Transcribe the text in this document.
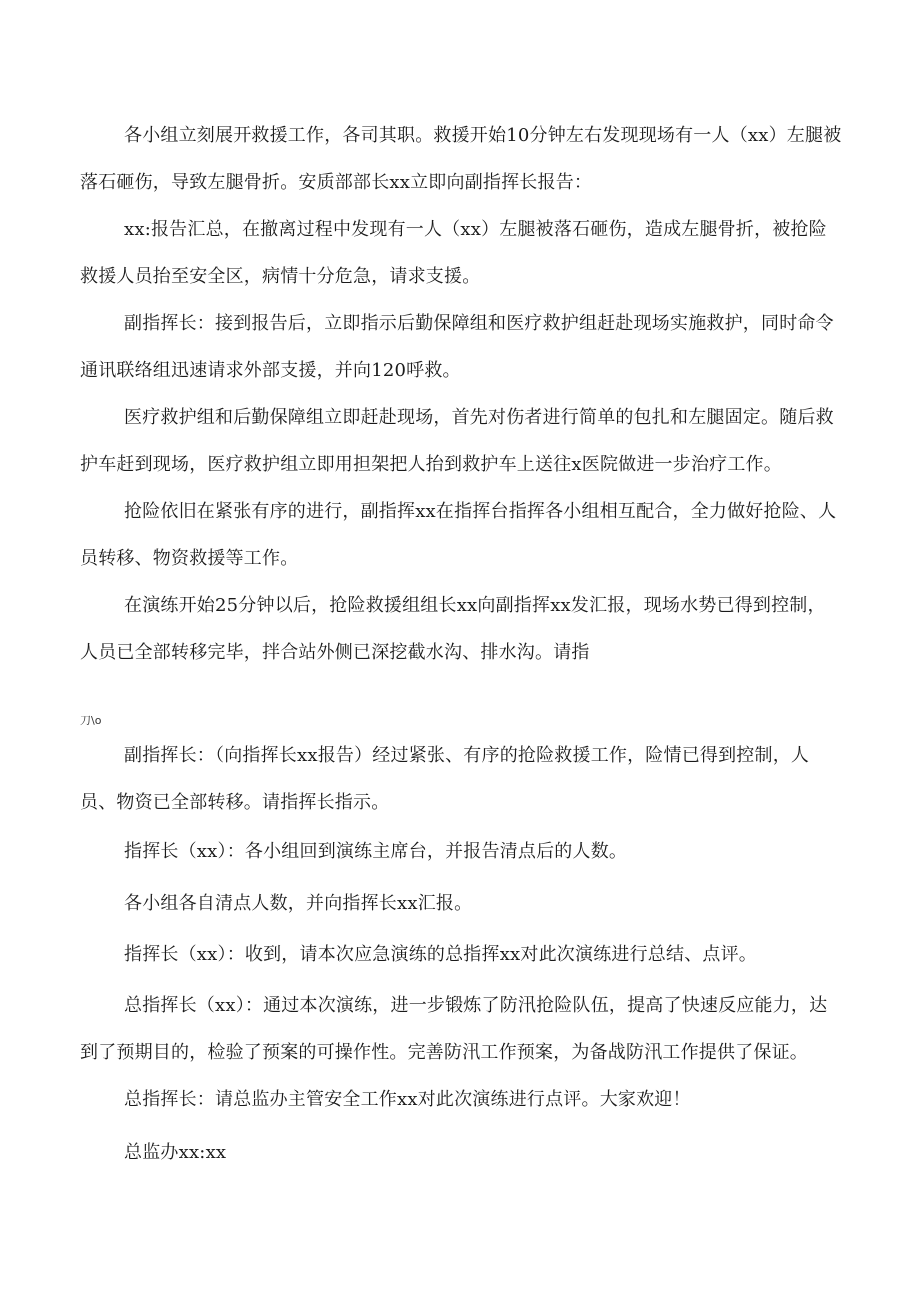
各小组立刻展开救援工作，各司其职。救援开始10分钟左右发现现场有一人（xx）左腿被落石砸伤，导致左腿骨折。安质部部长xx立即向副指挥长报告：

xx:报告汇总，在撤离过程中发现有一人（xx）左腿被落石砸伤，造成左腿骨折，被抢险救援人员抬至安全区，病情十分危急，请求支援。

副指挥长：接到报告后，立即指示后勤保障组和医疗救护组赶赴现场实施救护，同时命令通讯联络组迅速请求外部支援，并向120呼救。

医疗救护组和后勤保障组立即赶赴现场，首先对伤者进行简单的包扎和左腿固定。随后救护车赶到现场，医疗救护组立即用担架把人抬到救护车上送往x医院做进一步治疗工作。

抢险依旧在紧张有序的进行，副指挥xx在指挥台指挥各小组相互配合，全力做好抢险、人员转移、物资救援等工作。

在演练开始25分钟以后，抢险救援组组长xx向副指挥xx发汇报，现场水势已得到控制，人员已全部转移完毕，拌合站外侧已深挖截水沟、排水沟。请指

刀\o

副指挥长：（向指挥长xx报告）经过紧张、有序的抢险救援工作，险情已得到控制，人员、物资已全部转移。请指挥长指示。

指挥长（xx）：各小组回到演练主席台，并报告清点后的人数。

各小组各自清点人数，并向指挥长xx汇报。

指挥长（xx）：收到，请本次应急演练的总指挥xx对此次演练进行总结、点评。

总指挥长（xx）：通过本次演练，进一步锻炼了防汛抢险队伍，提高了快速反应能力，达到了预期目的，检验了预案的可操作性。完善防汛工作预案，为备战防汛工作提供了保证。

总指挥长：请总监办主管安全工作xx对此次演练进行点评。大家欢迎！

总监办xx:xx
